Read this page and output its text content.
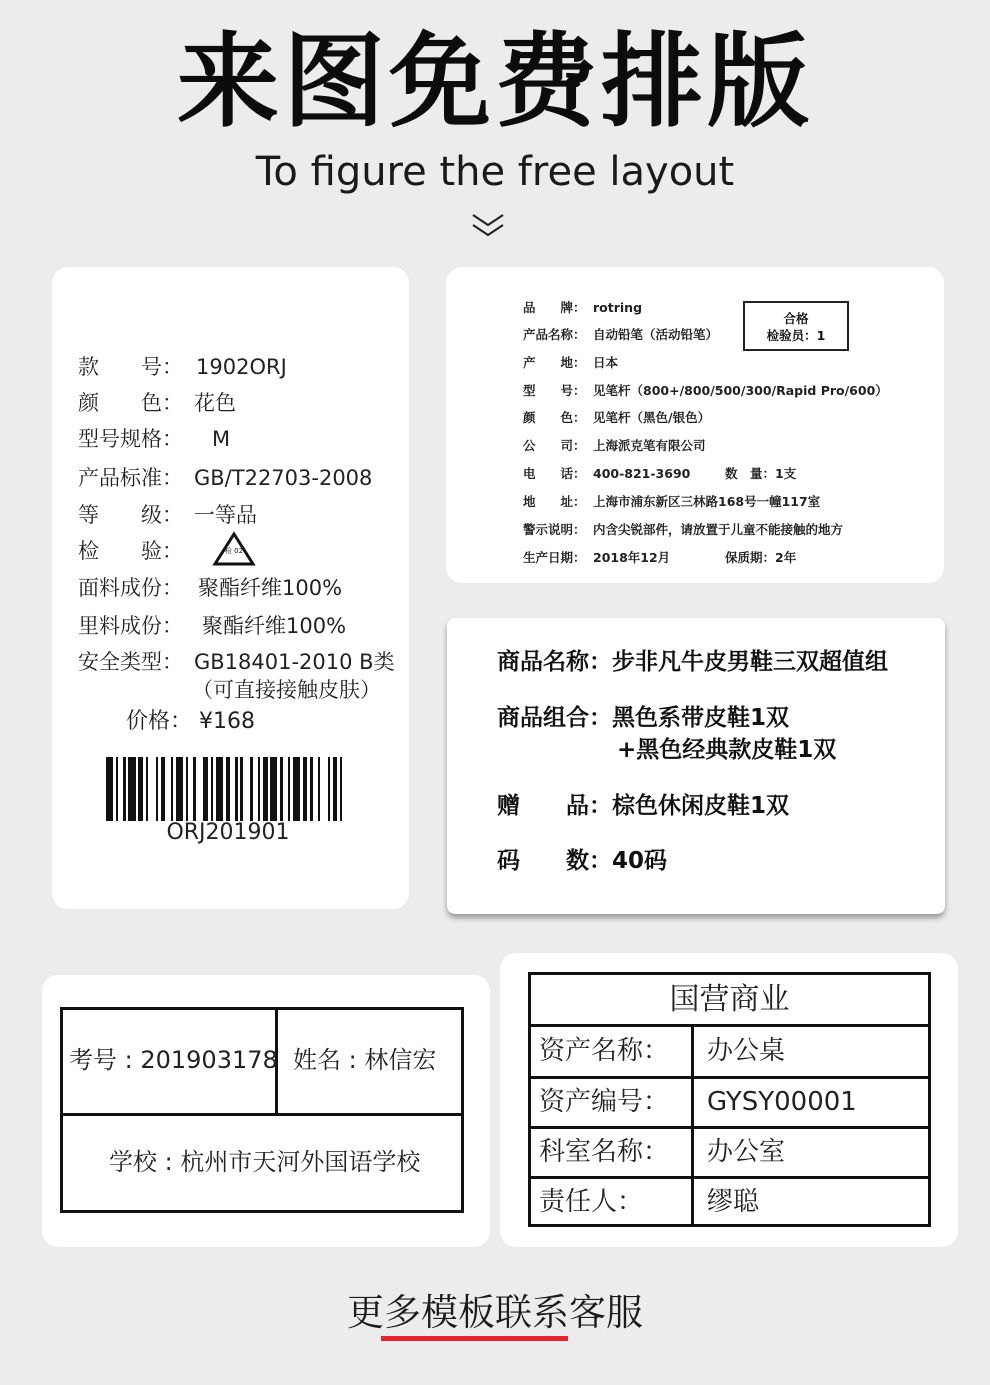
来图免费排版
To figure the free layout
款　　号： 1902ORJ
颜　　色： 花色
型号规格： M
产品标准： GB/T22703-2008
等　　级： 一等品
检　　验：	检 02
面料成份： 聚酯纤维100%
里料成份： 聚酯纤维100%
安全类型： GB18401-2010 B类
（可直接接触皮肤）
价格： ¥168
ORJ201901
合格
检验员：1
品　　牌： rotring
产品名称： 自动铅笔（活动铅笔）
产　　地： 日本
型　　号： 见笔杆（800+/800/500/300/Rapid Pro/600）
颜　　色： 见笔杆（黑色/银色）
公　　司： 上海派克笔有限公司
电　　话： 400-821-3690	数　量：1支
地　　址： 上海市浦东新区三林路168号一幢117室
警示说明： 内含尖锐部件，请放置于儿童不能接触的地方
生产日期： 2018年12月	保质期：2年
商品名称：步非凡牛皮男鞋三双超值组
商品组合：黑色系带皮鞋1双
+黑色经典款皮鞋1双
赠　　品：棕色休闲皮鞋1双
码　　数：40码
考号 : 201903178 姓名 : 林信宏
学校 : 杭州市天河外国语学校
国营商业
资产名称： 办公桌
资产编号： GYSY00001
科室名称： 办公室
责任人： 缪聪
更多模板联系客服
